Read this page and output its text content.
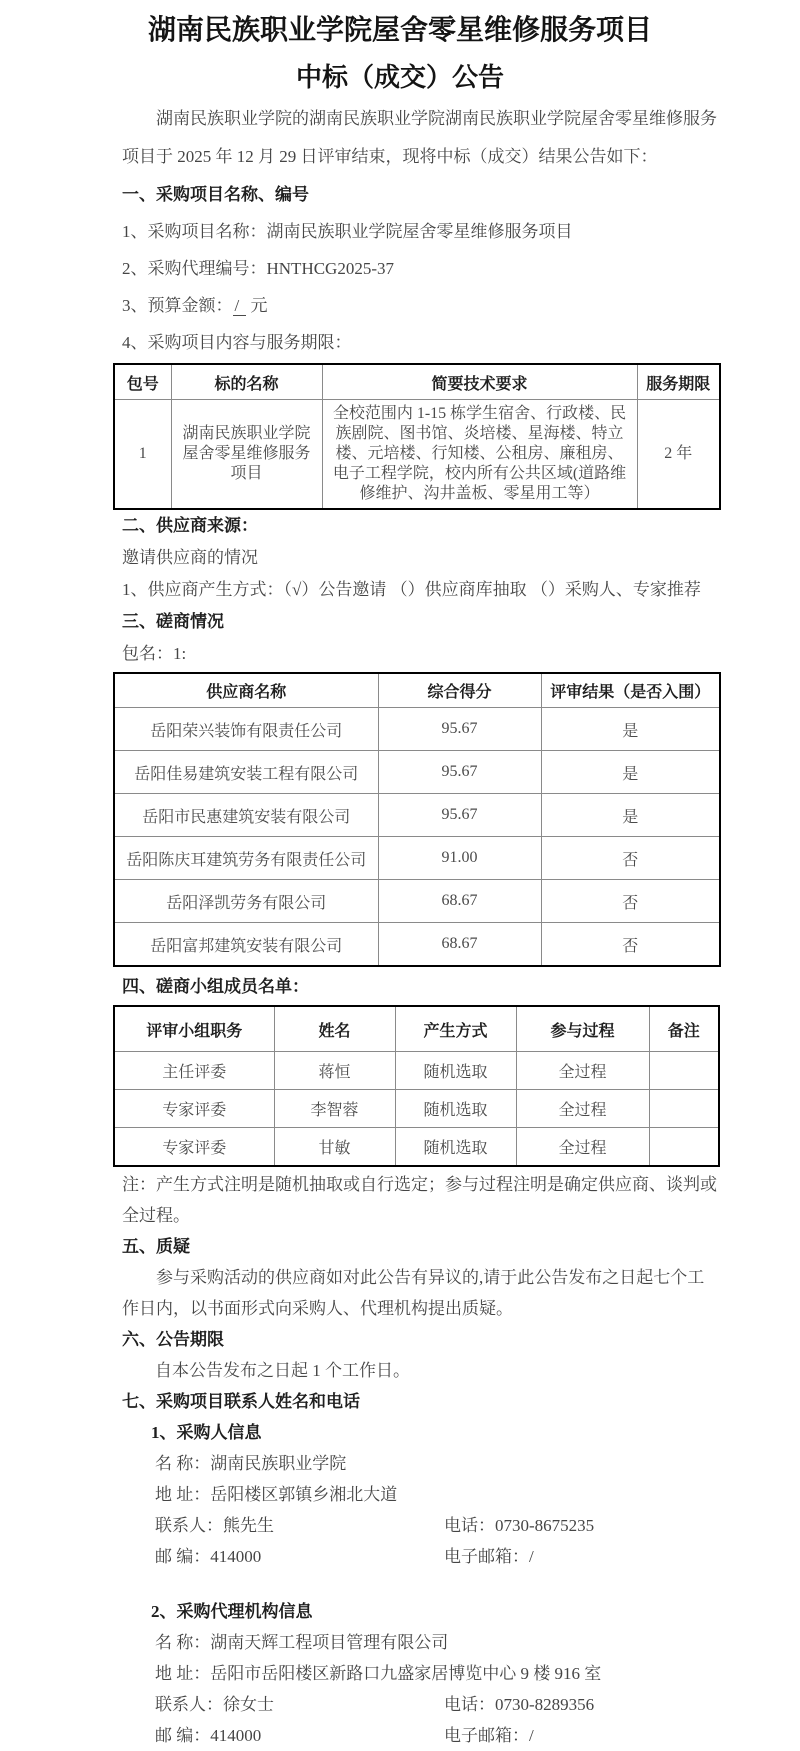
湖南民族职业学院屋舍零星维修服务项目
中标（成交）公告

湖南民族职业学院的湖南民族职业学院湖南民族职业学院屋舍零星维修服务项目于 2025 年 12 月 29 日评审结束，现将中标（成交）结果公告如下：

一、采购项目名称、编号

1、采购项目名称：湖南民族职业学院屋舍零星维修服务项目

2、采购代理编号：HNTHCG2025-37

3、预算金额： / 元

4、采购项目内容与服务期限：

包号	标的名称	简要技术要求	服务期限
1	湖南民族职业学院屋舍零星维修服务项目	全校范围内 1-15 栋学生宿舍、行政楼、民族剧院、图书馆、炎培楼、星海楼、特立楼、元培楼、行知楼、公租房、廉租房、电子工程学院，校内所有公共区域(道路维修维护、沟井盖板、零星用工等）	2 年

二、供应商来源：

邀请供应商的情况

1、供应商产生方式：（√）公告邀请 （）供应商库抽取 （）采购人、专家推荐

三、磋商情况

包名：1:

供应商名称	综合得分	评审结果（是否入围）
岳阳荣兴装饰有限责任公司	95.67	是
岳阳佳易建筑安装工程有限公司	95.67	是
岳阳市民惠建筑安装有限公司	95.67	是
岳阳陈庆耳建筑劳务有限责任公司	91.00	否
岳阳泽凯劳务有限公司	68.67	否
岳阳富邦建筑安装有限公司	68.67	否

四、磋商小组成员名单：

评审小组职务	姓名	产生方式	参与过程	备注
主任评委	蒋恒	随机选取	全过程	
专家评委	李智蓉	随机选取	全过程	
专家评委	甘敏	随机选取	全过程	

注：产生方式注明是随机抽取或自行选定；参与过程注明是确定供应商、谈判或全过程。

五、质疑

参与采购活动的供应商如对此公告有异议的,请于此公告发布之日起七个工作日内，以书面形式向采购人、代理机构提出质疑。

六、公告期限

自本公告发布之日起 1 个工作日。

七、采购项目联系人姓名和电话

1、采购人信息

名 称：湖南民族职业学院

地 址：岳阳楼区郭镇乡湘北大道

联系人：熊先生	电话：0730-8675235

邮 编：414000	电子邮箱：/

2、采购代理机构信息

名 称：湖南天辉工程项目管理有限公司

地 址：岳阳市岳阳楼区新路口九盛家居博览中心 9 楼 916 室

联系人：徐女士	电话：0730-8289356

邮 编：414000	电子邮箱：/
